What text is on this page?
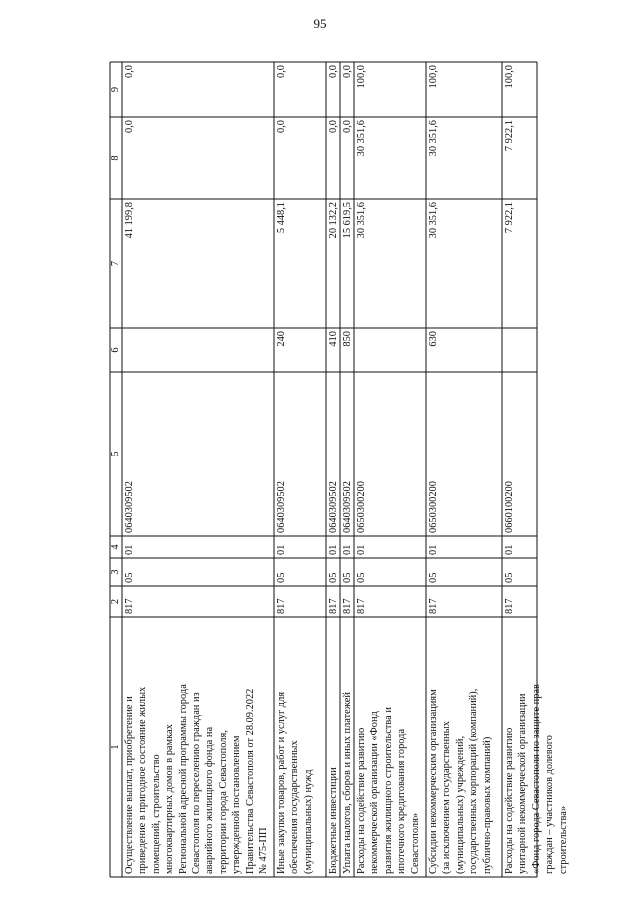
95
1
2
3
4
5
6
7
8
9
Осуществление выплат, приобретение и приведение в пригодное состояние жилых помещений, строительство многоквартирных домов в рамках Региональной адресной программы города Севастополя по переселению граждан из аварийного жилищного фонда на территории города Севастополя, утвержденной постановлением Правительства Севастополя от 28.09.2022 № 475-ПП
817
05
01
0640309502
41 199,8
0,0
0,0
Иные закупки товаров, работ и услуг для обеспечения государственных (муниципальных) нужд
817
05
01
0640309502
240
5 448,1
0,0
0,0
Бюджетные инвестиции
817
05
01
0640309502
410
20 132,2
0,0
0,0
Уплата налогов, сборов и иных платежей
817
05
01
0640309502
850
15 619,5
0,0
0,0
Расходы на содействие развитию некоммерческой организации «Фонд развития жилищного строительства и ипотечного кредитования города Севастополя»
817
05
01
0650300200
30 351,6
30 351,6
100,0
Субсидии некоммерческим организациям (за исключением государственных (муниципальных) учреждений, государственных корпораций (компаний), публично-правовых компаний)
817
05
01
0650300200
630
30 351,6
30 351,6
100,0
Расходы на содействие развитию унитарной некоммерческой организации «Фонд города Севастополя по защите прав граждан – участников долевого строительства»
817
05
01
0660100200
7 922,1
7 922,1
100,0
